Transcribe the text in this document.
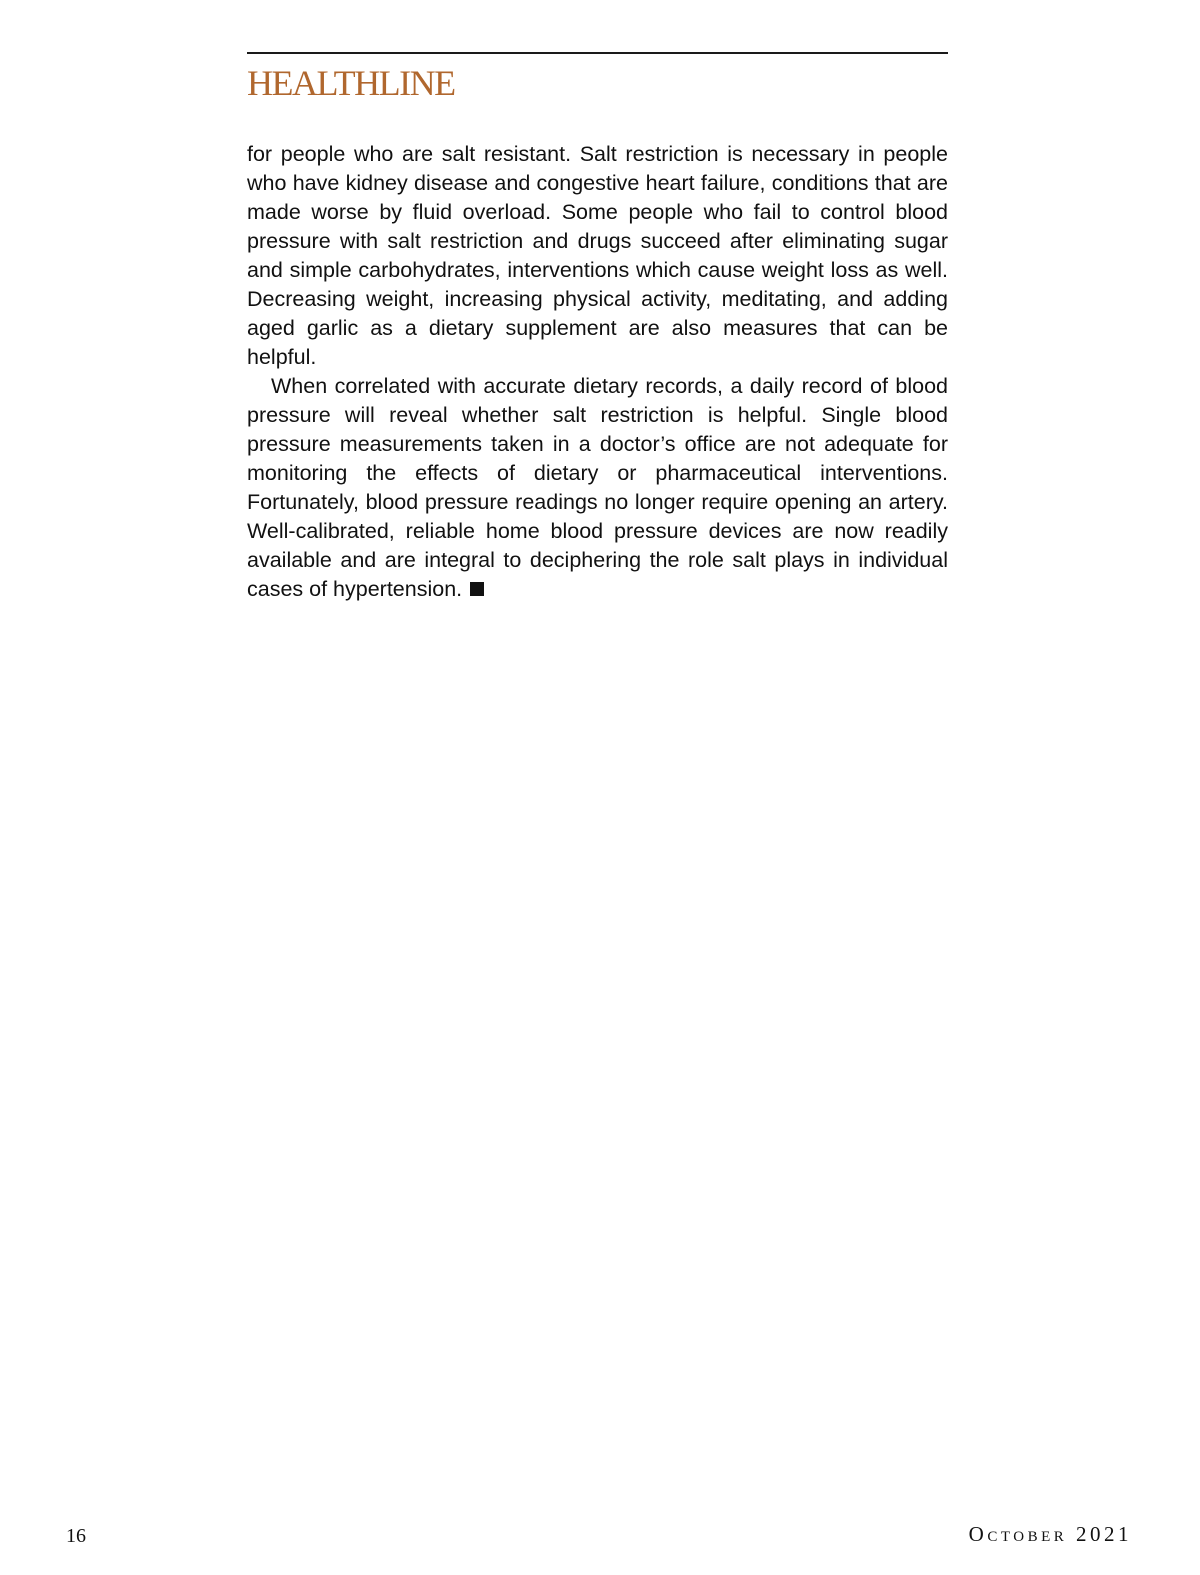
HEALTHLINE

for people who are salt resistant. Salt restriction is necessary in people who have kidney disease and congestive heart failure, conditions that are made worse by fluid overload. Some people who fail to control blood pressure with salt restriction and drugs succeed after eliminating sugar and simple carbohydrates, interventions which cause weight loss as well. Decreasing weight, increasing physical activity, meditating, and adding aged garlic as a dietary supplement are also measures that can be helpful.

When correlated with accurate dietary records, a daily record of blood pressure will reveal whether salt restriction is helpful. Single blood pressure measurements taken in a doctor’s office are not adequate for monitoring the effects of dietary or pharmaceutical interventions. Fortunately, blood pressure readings no longer require opening an artery. Well-calibrated, reliable home blood pressure devices are now readily available and are integral to deciphering the role salt plays in individual cases of hypertension.

16	October 2021
